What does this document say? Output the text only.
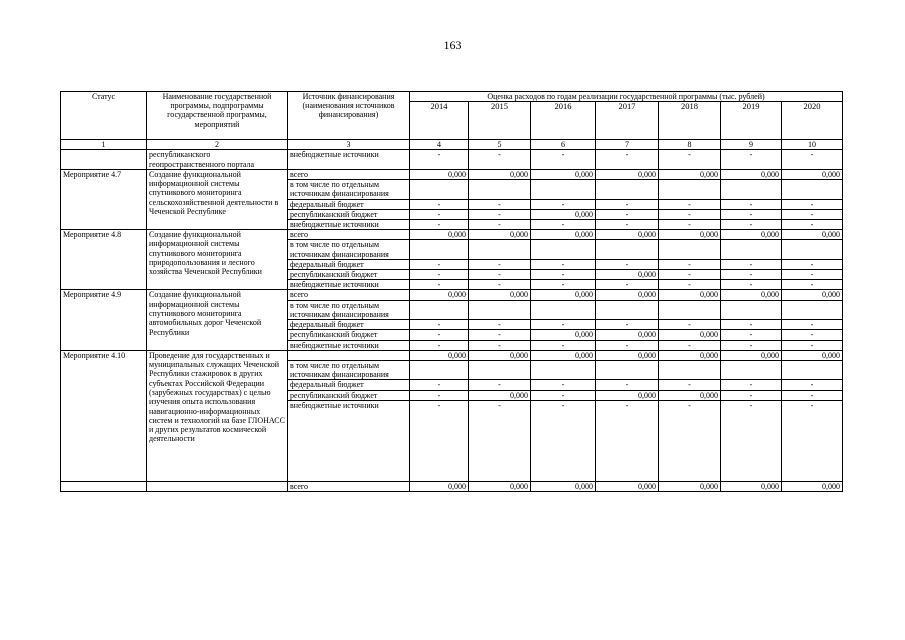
163
Статус	Наименование государственной программы, подпрограммы государственной программы, мероприятий	Источник финансирования (наименования источников финансирования)	Оценка расходов по годам реализации государственной программы (тыс. рублей)						
			2014	2015	2016	2017	2018	2019	2020
1	2	3	4	5	6	7	8	9	10
	республиканского геопространственного портала	внебюджетные источники	-	-	-	-	-	-	-
Мероприятие 4.7	Создание функциональной информационной системы спутникового мониторинга сельскохозяйственной деятельности в Чеченской Республике	всего	0,000	0,000	0,000	0,000	0,000	0,000	0,000
		в том числе по отдельным источникам финансирования							
		федеральный бюджет	-	-	-	-	-	-	-
		республиканский бюджет	-	-	0,000	-	-	-	-
		внебюджетные источники	-	-	-	-	-	-	-
Мероприятие 4.8	Создание функциональной информационной системы спутникового мониторинга природопользования и лесного хозяйства Чеченской Республики	всего	0,000	0,000	0,000	0,000	0,000	0,000	0,000
		в том числе по отдельным источникам финансирования							
		федеральный бюджет	-	-	-	-	-	-	-
		республиканский бюджет	-	-	-	0,000	-	-	-
		внебюджетные источники	-	-	-	-	-	-	-
Мероприятие 4.9	Создание функциональной информационной системы спутникового мониторинга автомобильных дорог Чеченской Республики	всего	0,000	0,000	0,000	0,000	0,000	0,000	0,000
		в том числе по отдельным источникам финансирования							
		федеральный бюджет	-	-	-	-	-	-	-
		республиканский бюджет	-	-	0,000	0,000	0,000	-	-
		внебюджетные источники	-	-	-	-	-	-	-
Мероприятие 4.10	Проведение для государственных и муниципальных служащих Чеченской Республики стажировок в других субъектах Российской Федерации (зарубежных государствах) с целью изучения опыта использования навигационно-информационных систем и технологий на базе ГЛОНАСС и других результатов космической деятельности		0,000	0,000	0,000	0,000	0,000	0,000	0,000
		в том числе по отдельным источникам финансирования							
		федеральный бюджет	-	-	-	-	-	-	-
		республиканский бюджет	-	0,000	-	0,000	0,000	-	-
		внебюджетные источники	-	-	-	-	-	-	-
		всего	0,000	0,000	0,000	0,000	0,000	0,000	0,000
